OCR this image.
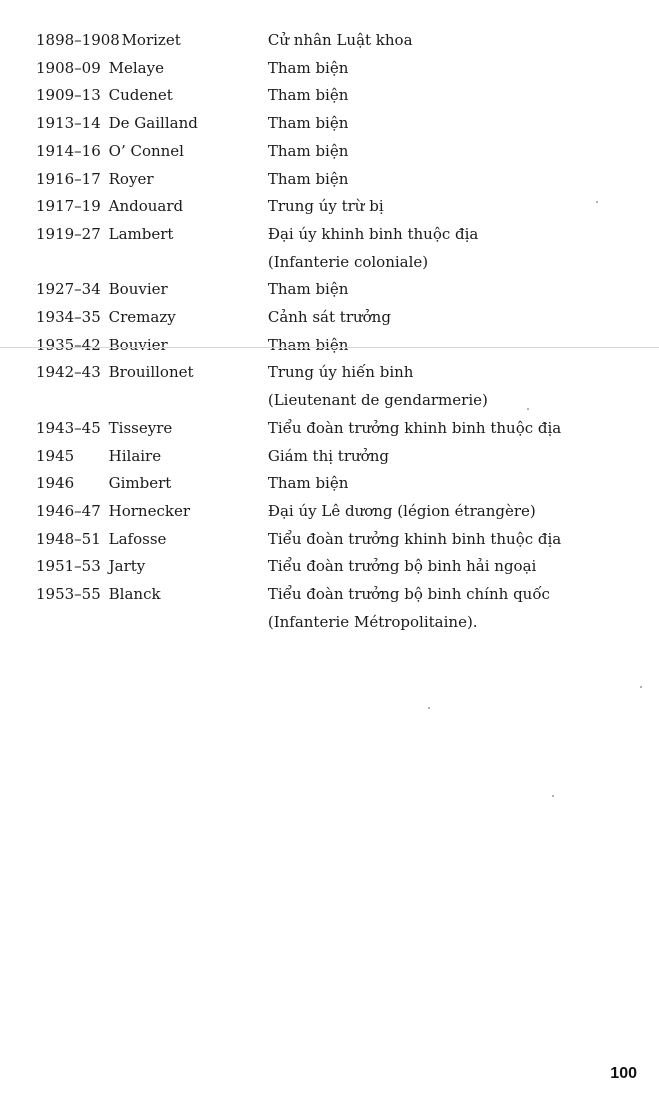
1898–1908 Morizet	Cử nhân Luật khoa
1908–09 Melaye	Tham biện
1909–13 Cudenet	Tham biện
1913–14 De Gailland	Tham biện
1914–16 O’ Connel	Tham biện
1916–17 Royer	Tham biện
1917–19 Andouard	Trung úy trừ bị
1919–27 Lambert	Đại úy khinh binh thuộc địa
(Infanterie coloniale)
1927–34 Bouvier	Tham biện
1934–35 Cremazy	Cảnh sát trưởng
1935–42 Bouvier	Tham biện
1942–43 Brouillonet	Trung úy hiến binh
(Lieutenant de gendarmerie)
1943–45 Tisseyre	Tiểu đoàn trưởng khinh binh thuộc địa
1945	Hilaire	Giám thị trưởng
1946	Gimbert	Tham biện
1946–47 Hornecker	Đại úy Lê dương (légion étrangère)
1948–51 Lafosse	Tiểu đoàn trưởng khinh binh thuộc địa
1951–53 Jarty	Tiểu đoàn trưởng bộ binh hải ngoại
1953–55 Blanck	Tiểu đoàn trưởng bộ binh chính quốc
(Infanterie Métropolitaine).
100
